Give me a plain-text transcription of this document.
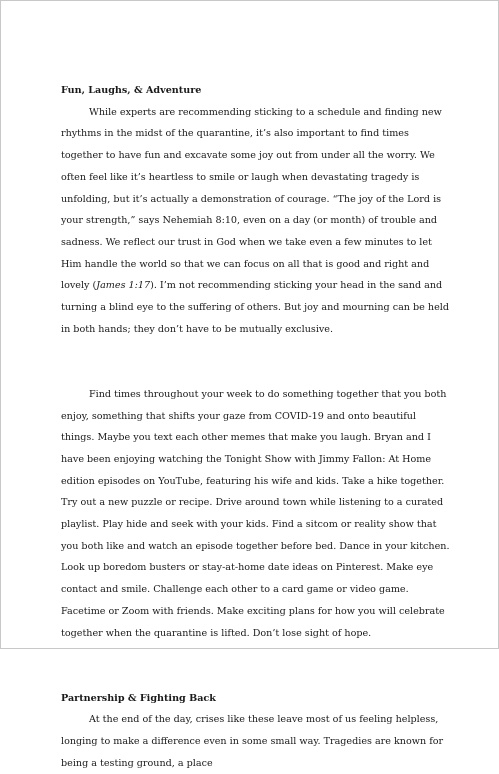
Fun, Laughs, & Adventure

While experts are recommending sticking to a schedule and finding new rhythms in the midst of the quarantine, it’s also important to find times together to have fun and excavate some joy out from under all the worry. We often feel like it’s heartless to smile or laugh when devastating tragedy is unfolding, but it’s actually a demonstration of courage. “The joy of the Lord is your strength,” says Nehemiah 8:10, even on a day (or month) of trouble and sadness. We reflect our trust in God when we take even a few minutes to let Him handle the world so that we can focus on all that is good and right and lovely (James 1:17). I’m not recommending sticking your head in the sand and turning a blind eye to the suffering of others. But joy and mourning can be held in both hands; they don’t have to be mutually exclusive.

Find times throughout your week to do something together that you both enjoy, something that shifts your gaze from COVID-19 and onto beautiful things. Maybe you text each other memes that make you laugh. Bryan and I have been enjoying watching the Tonight Show with Jimmy Fallon: At Home edition episodes on YouTube, featuring his wife and kids. Take a hike together. Try out a new puzzle or recipe. Drive around town while listening to a curated playlist. Play hide and seek with your kids. Find a sitcom or reality show that you both like and watch an episode together before bed. Dance in your kitchen. Look up boredom busters or stay-at-home date ideas on Pinterest. Make eye contact and smile. Challenge each other to a card game or video game. Facetime or Zoom with friends. Make exciting plans for how you will celebrate together when the quarantine is lifted. Don’t lose sight of hope.

Partnership & Fighting Back

At the end of the day, crises like these leave most of us feeling helpless, longing to make a difference even in some small way. Tragedies are known for being a testing ground, a place
